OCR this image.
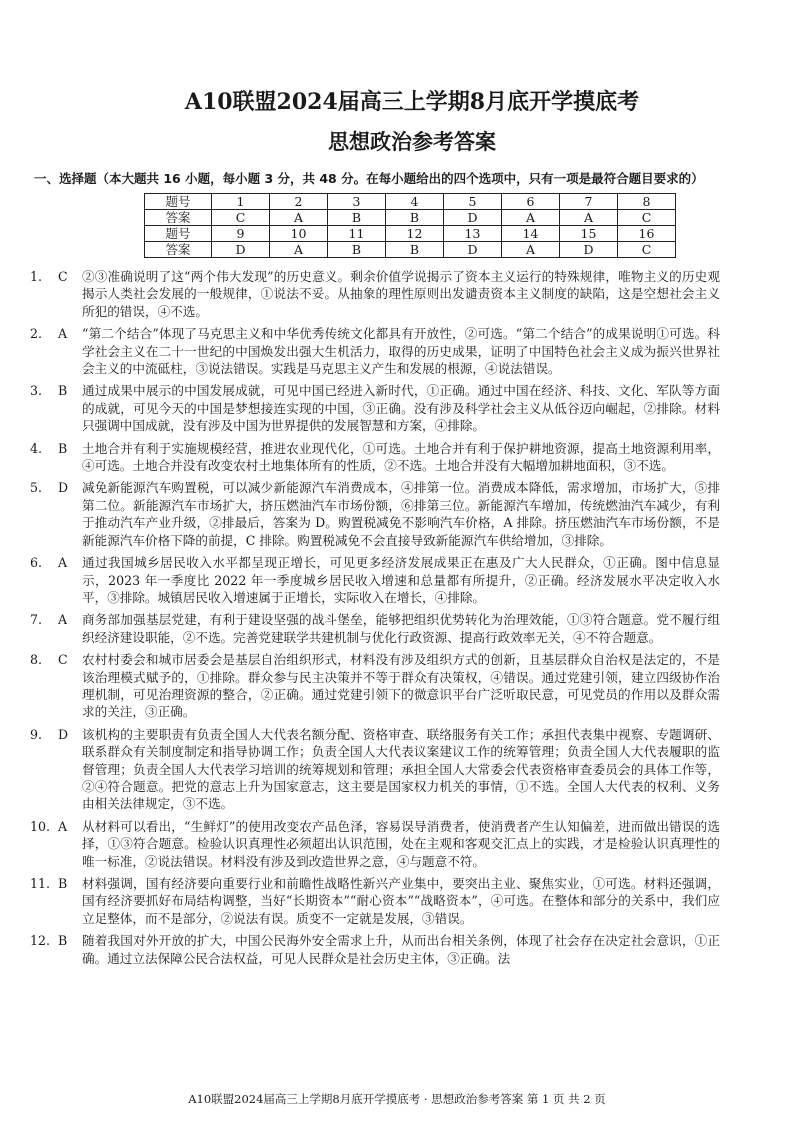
A10联盟2024届高三上学期8月底开学摸底考
思想政治参考答案

一、选择题（本大题共 16 小题，每小题 3 分，共 48 分。在每小题给出的四个选项中，只有一项是最符合题目要求的）

题号	1	2	3	4	5	6	7	8
答案	C	A	B	B	D	A	A	C
题号	9	10	11	12	13	14	15	16
答案	D	A	B	B	D	A	D	C
1.	C	②③准确说明了这“两个伟大发现”的历史意义。剩余价值学说揭示了资本主义运行的特殊规律，唯物主义的历史观揭示人类社会发展的一般规律，①说法不妥。从抽象的理性原则出发谴责资本主义制度的缺陷，这是空想社会主义所犯的错误，④不选。
2.	A	“第二个结合”体现了马克思主义和中华优秀传统文化都具有开放性，②可选。“第二个结合”的成果说明①可选。科学社会主义在二十一世纪的中国焕发出强大生机活力，取得的历史成果，证明了中国特色社会主义成为振兴世界社会主义的中流砥柱，③说法错误。实践是马克思主义产生和发展的根源，④说法错误。
3.	B	通过成果中展示的中国发展成就，可见中国已经进入新时代，①正确。通过中国在经济、科技、文化、军队等方面的成就，可见今天的中国是梦想接连实现的中国，③正确。没有涉及科学社会主义从低谷迈向崛起，②排除。材料只强调中国成就，没有涉及中国为世界提供的发展智慧和方案，④排除。
4.	B	土地合并有利于实施规模经营，推进农业现代化，①可选。土地合并有利于保护耕地资源，提高土地资源利用率，④可选。土地合并没有改变农村土地集体所有的性质，②不选。土地合并没有大幅增加耕地面积，③不选。
5.	D	减免新能源汽车购置税，可以减少新能源汽车消费成本，④排第一位。消费成本降低，需求增加，市场扩大，⑤排第二位。新能源汽车市场扩大，挤压燃油汽车市场份额，⑥排第三位。新能源汽车增加，传统燃油汽车减少，有利于推动汽车产业升级，②排最后，答案为 D。购置税减免不影响汽车价格，A 排除。挤压燃油汽车市场份额，不是新能源汽车价格下降的前提，C 排除。购置税减免不会直接导致新能源汽车供给增加，③排除。
6.	A	通过我国城乡居民收入水平都呈现正增长，可见更多经济发展成果正在惠及广大人民群众，①正确。图中信息显示，2023 年一季度比 2022 年一季度城乡居民收入增速和总量都有所提升，②正确。经济发展水平决定收入水平，③排除。城镇居民收入增速属于正增长，实际收入在增长，④排除。
7.	A	商务部加强基层党建，有利于建设坚强的战斗堡垒，能够把组织优势转化为治理效能，①③符合题意。党不履行组织经济建设职能，②不选。完善党建联学共建机制与优化行政资源、提高行政效率无关，④不符合题意。
8.	C	农村村委会和城市居委会是基层自治组织形式，材料没有涉及组织方式的创新，且基层群众自治权是法定的，不是该治理模式赋予的，①排除。群众参与民主决策并不等于群众有决策权，④错误。通过党建引领，建立四级协作治理机制，可见治理资源的整合，②正确。通过党建引领下的微意识平台广泛听取民意，可见党员的作用以及群众需求的关注，③正确。
9.	D	该机构的主要职责有负责全国人大代表名额分配、资格审查、联络服务有关工作；承担代表集中视察、专题调研、联系群众有关制度制定和指导协调工作；负责全国人大代表议案建议工作的统筹管理；负责全国人大代表履职的监督管理；负责全国人大代表学习培训的统筹规划和管理；承担全国人大常委会代表资格审查委员会的具体工作等，②④符合题意。把党的意志上升为国家意志，这主要是国家权力机关的事情，①不选。全国人大代表的权利、义务由相关法律规定，③不选。
10. A	从材料可以看出，“生鲜灯”的使用改变农产品色泽，容易误导消费者，使消费者产生认知偏差，进而做出错误的选择，①③符合题意。检验认识真理性必须超出认识范围，处在主观和客观交汇点上的实践，才是检验认识真理性的唯一标准，②说法错误。材料没有涉及到改造世界之意，④与题意不符。
11. B	材料强调，国有经济要向重要行业和前瞻性战略性新兴产业集中，要突出主业、聚焦实业，①可选。材料还强调，国有经济要抓好布局结构调整，当好“长期资本”“耐心资本”“战略资本”，④可选。在整体和部分的关系中，我们应立足整体，而不是部分，②说法有误。质变不一定就是发展，③错误。
12. B	随着我国对外开放的扩大，中国公民海外安全需求上升，从而出台相关条例，体现了社会存在决定社会意识，①正确。通过立法保障公民合法权益，可见人民群众是社会历史主体，③正确。法
A10联盟2024届高三上学期8月底开学摸底考 · 思想政治参考答案 第 1 页 共 2 页
